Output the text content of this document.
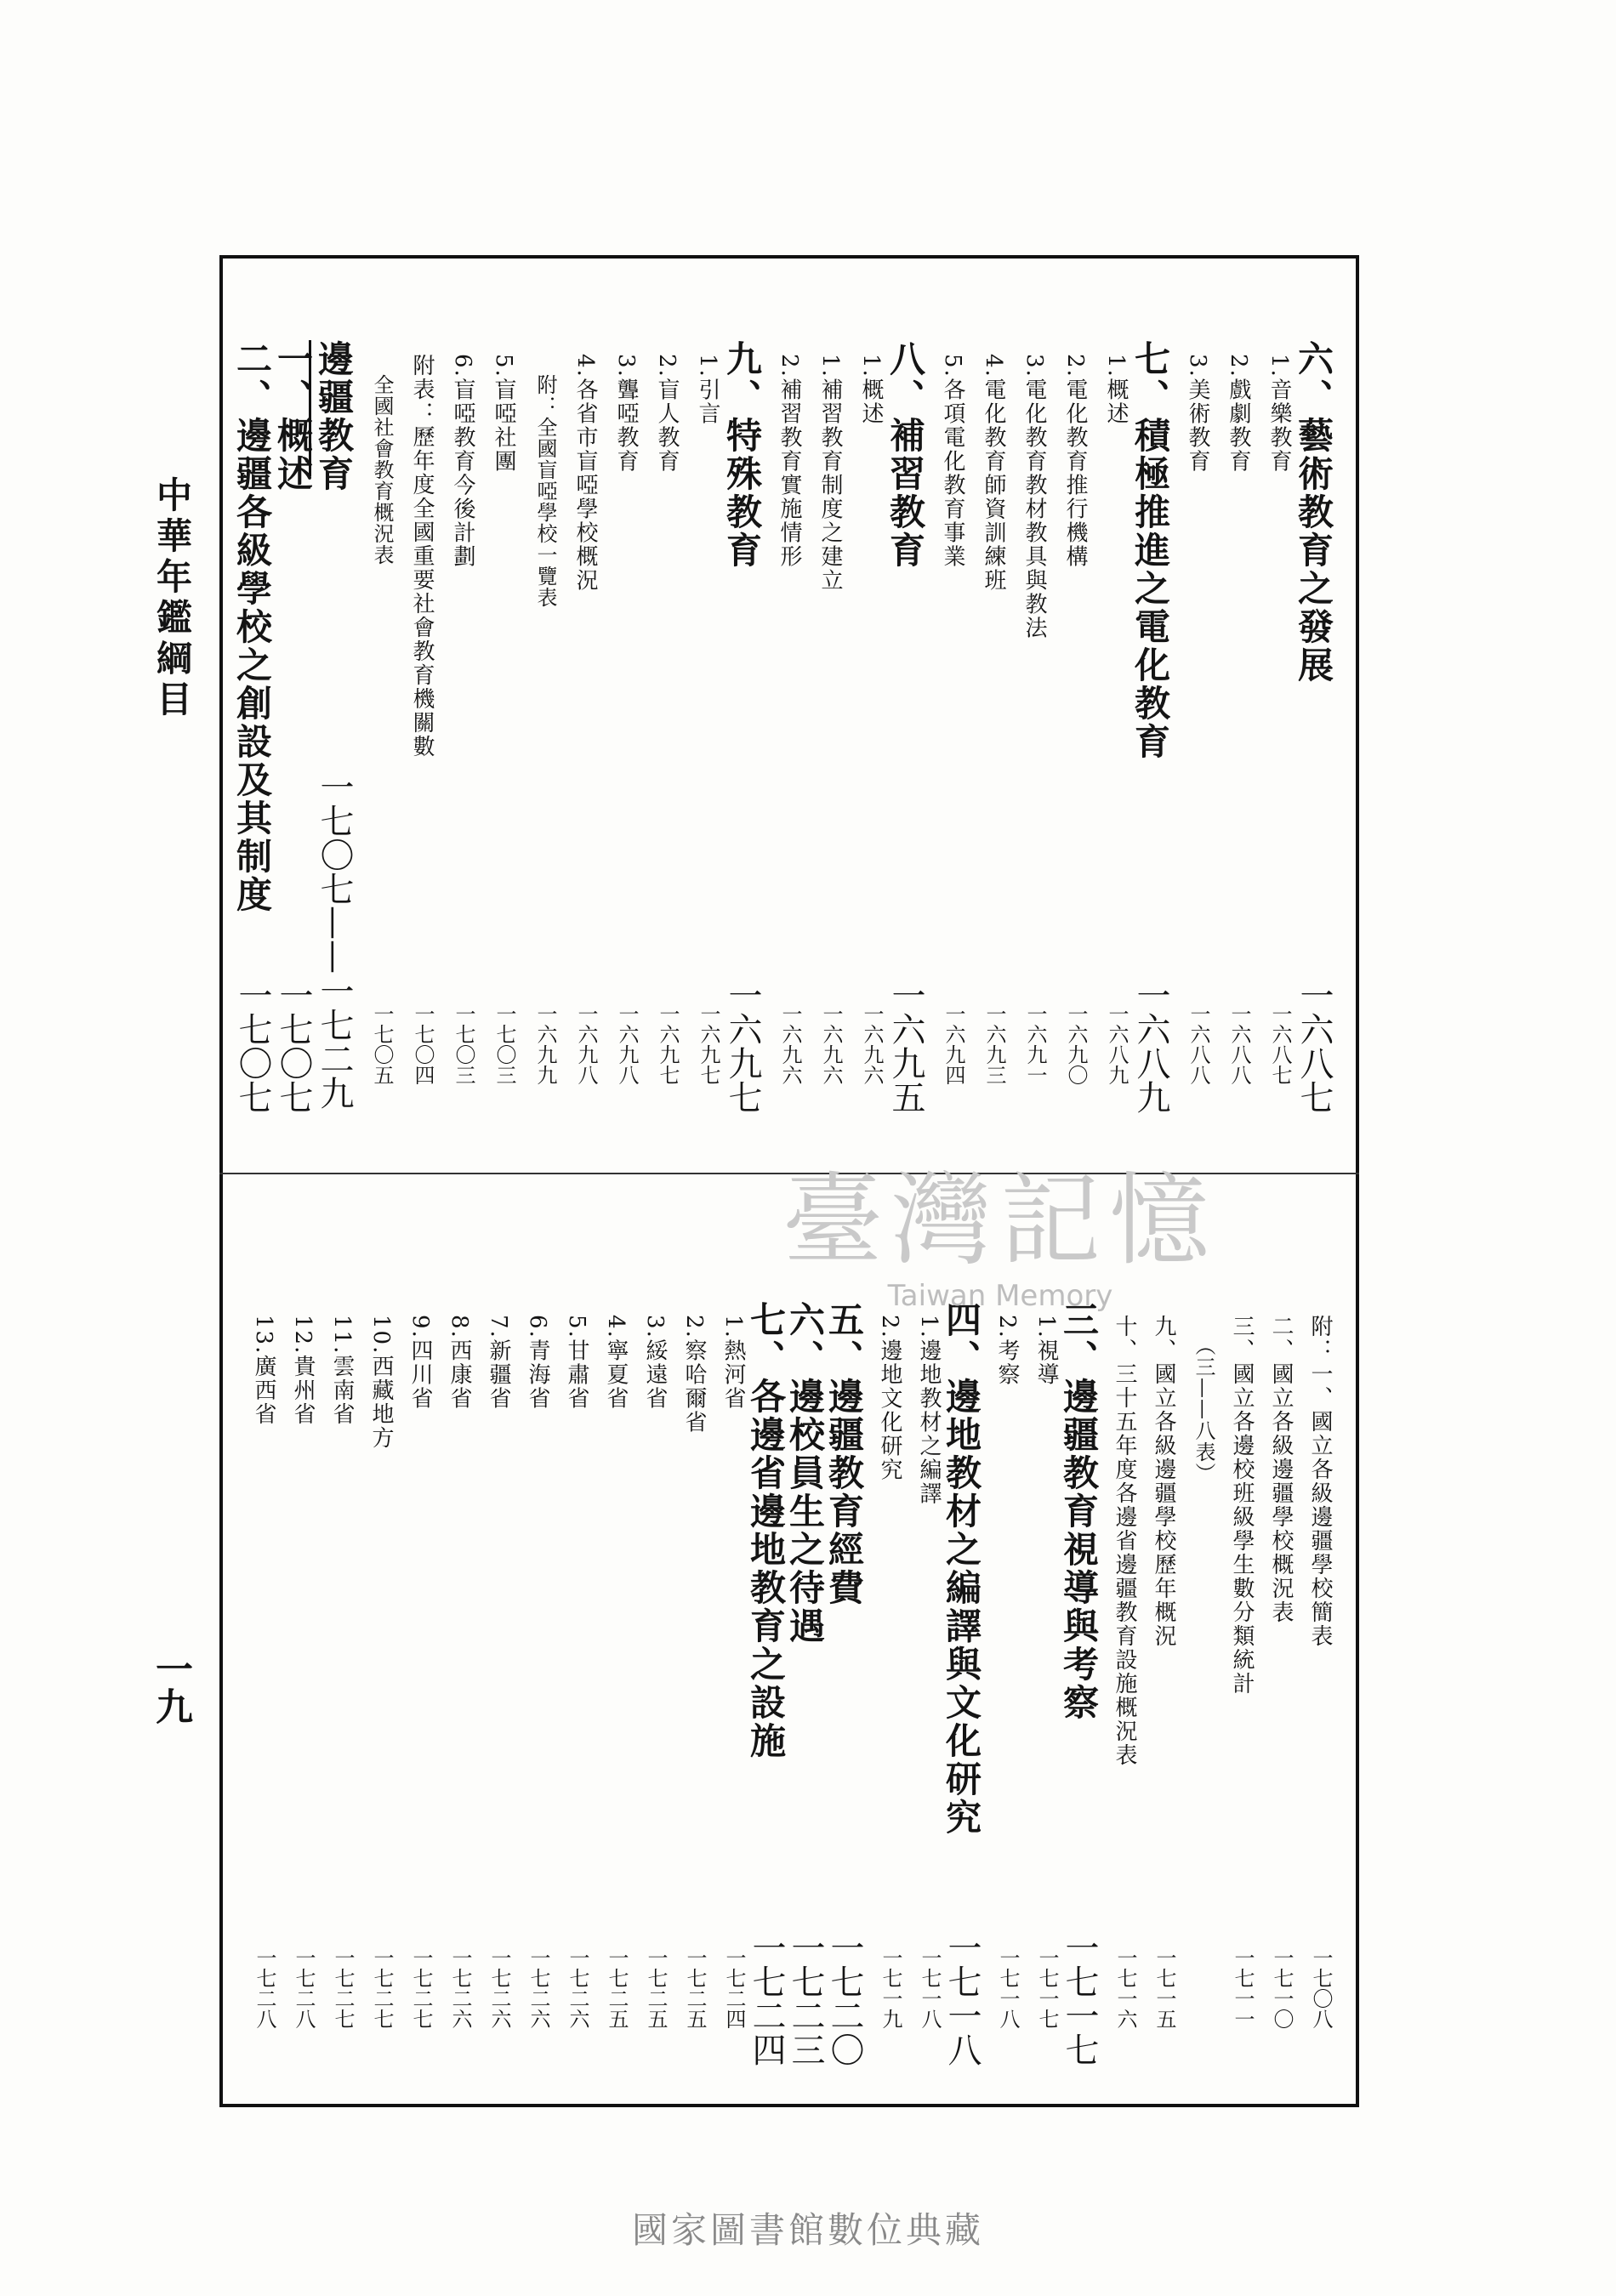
中華年鑑綱目
一九
六、藝術教育之發展
一六八七
1.音樂教育
一六八七
2.戲劇教育
一六八八
3.美術教育
一六八八
七、積極推進之電化教育
一六八九
1.概述
一六八九
2.電化教育推行機構
一六九〇
3.電化教育教材教具與教法
一六九一
4.電化教育師資訓練班
一六九三
5.各項電化教育事業
一六九四
八、補習教育
一六九五
1.概述
一六九六
1.補習教育制度之建立
一六九六
2.補習教育實施情形
一六九六
九、特殊教育
一六九七
1.引言
一六九七
2.盲人教育
一六九七
3.聾啞教育
一六九八
4.各省市盲啞學校概況
一六九八
附：全國盲啞學校一覽表
一六九九
5.盲啞社團
一七〇三
6.盲啞教育今後計劃
一七〇三
附表：歷年度全國重要社會教育機關數
一七〇四
全國社會教育概況表
一七〇五
邊疆教育
一七〇七——一七二九
一、概述
一七〇七
二、邊疆各級學校之創設及其制度
一七〇七
附：一、國立各級邊疆學校簡表
一七〇八
二、國立各級邊疆學校概況表
一七一〇
三、國立各邊校班級學生數分類統計
一七一一
（三——八表）
九、國立各級邊疆學校歷年概況
一七一五
十、三十五年度各邊省邊疆教育設施概況表
一七一六
三、邊疆教育視導與考察
一七一七
1.視導
一七一七
2.考察
一七一八
四、邊地教材之編譯與文化研究
一七一八
1.邊地教材之編譯
一七一八
2.邊地文化研究
一七一九
五、邊疆教育經費
一七二〇
六、邊校員生之待遇
一七二三
七、各邊省邊地教育之設施
一七二四
1.熱河省
一七二四
2.察哈爾省
一七二五
3.綏遠省
一七二五
4.寧夏省
一七二五
5.甘肅省
一七二六
6.青海省
一七二六
7.新疆省
一七二六
8.西康省
一七二六
9.四川省
一七二七
10.西藏地方
一七二七
11.雲南省
一七二七
12.貴州省
一七二八
13.廣西省
一七二八
臺灣記憶
Taiwan Memory
國家圖書館數位典藏
